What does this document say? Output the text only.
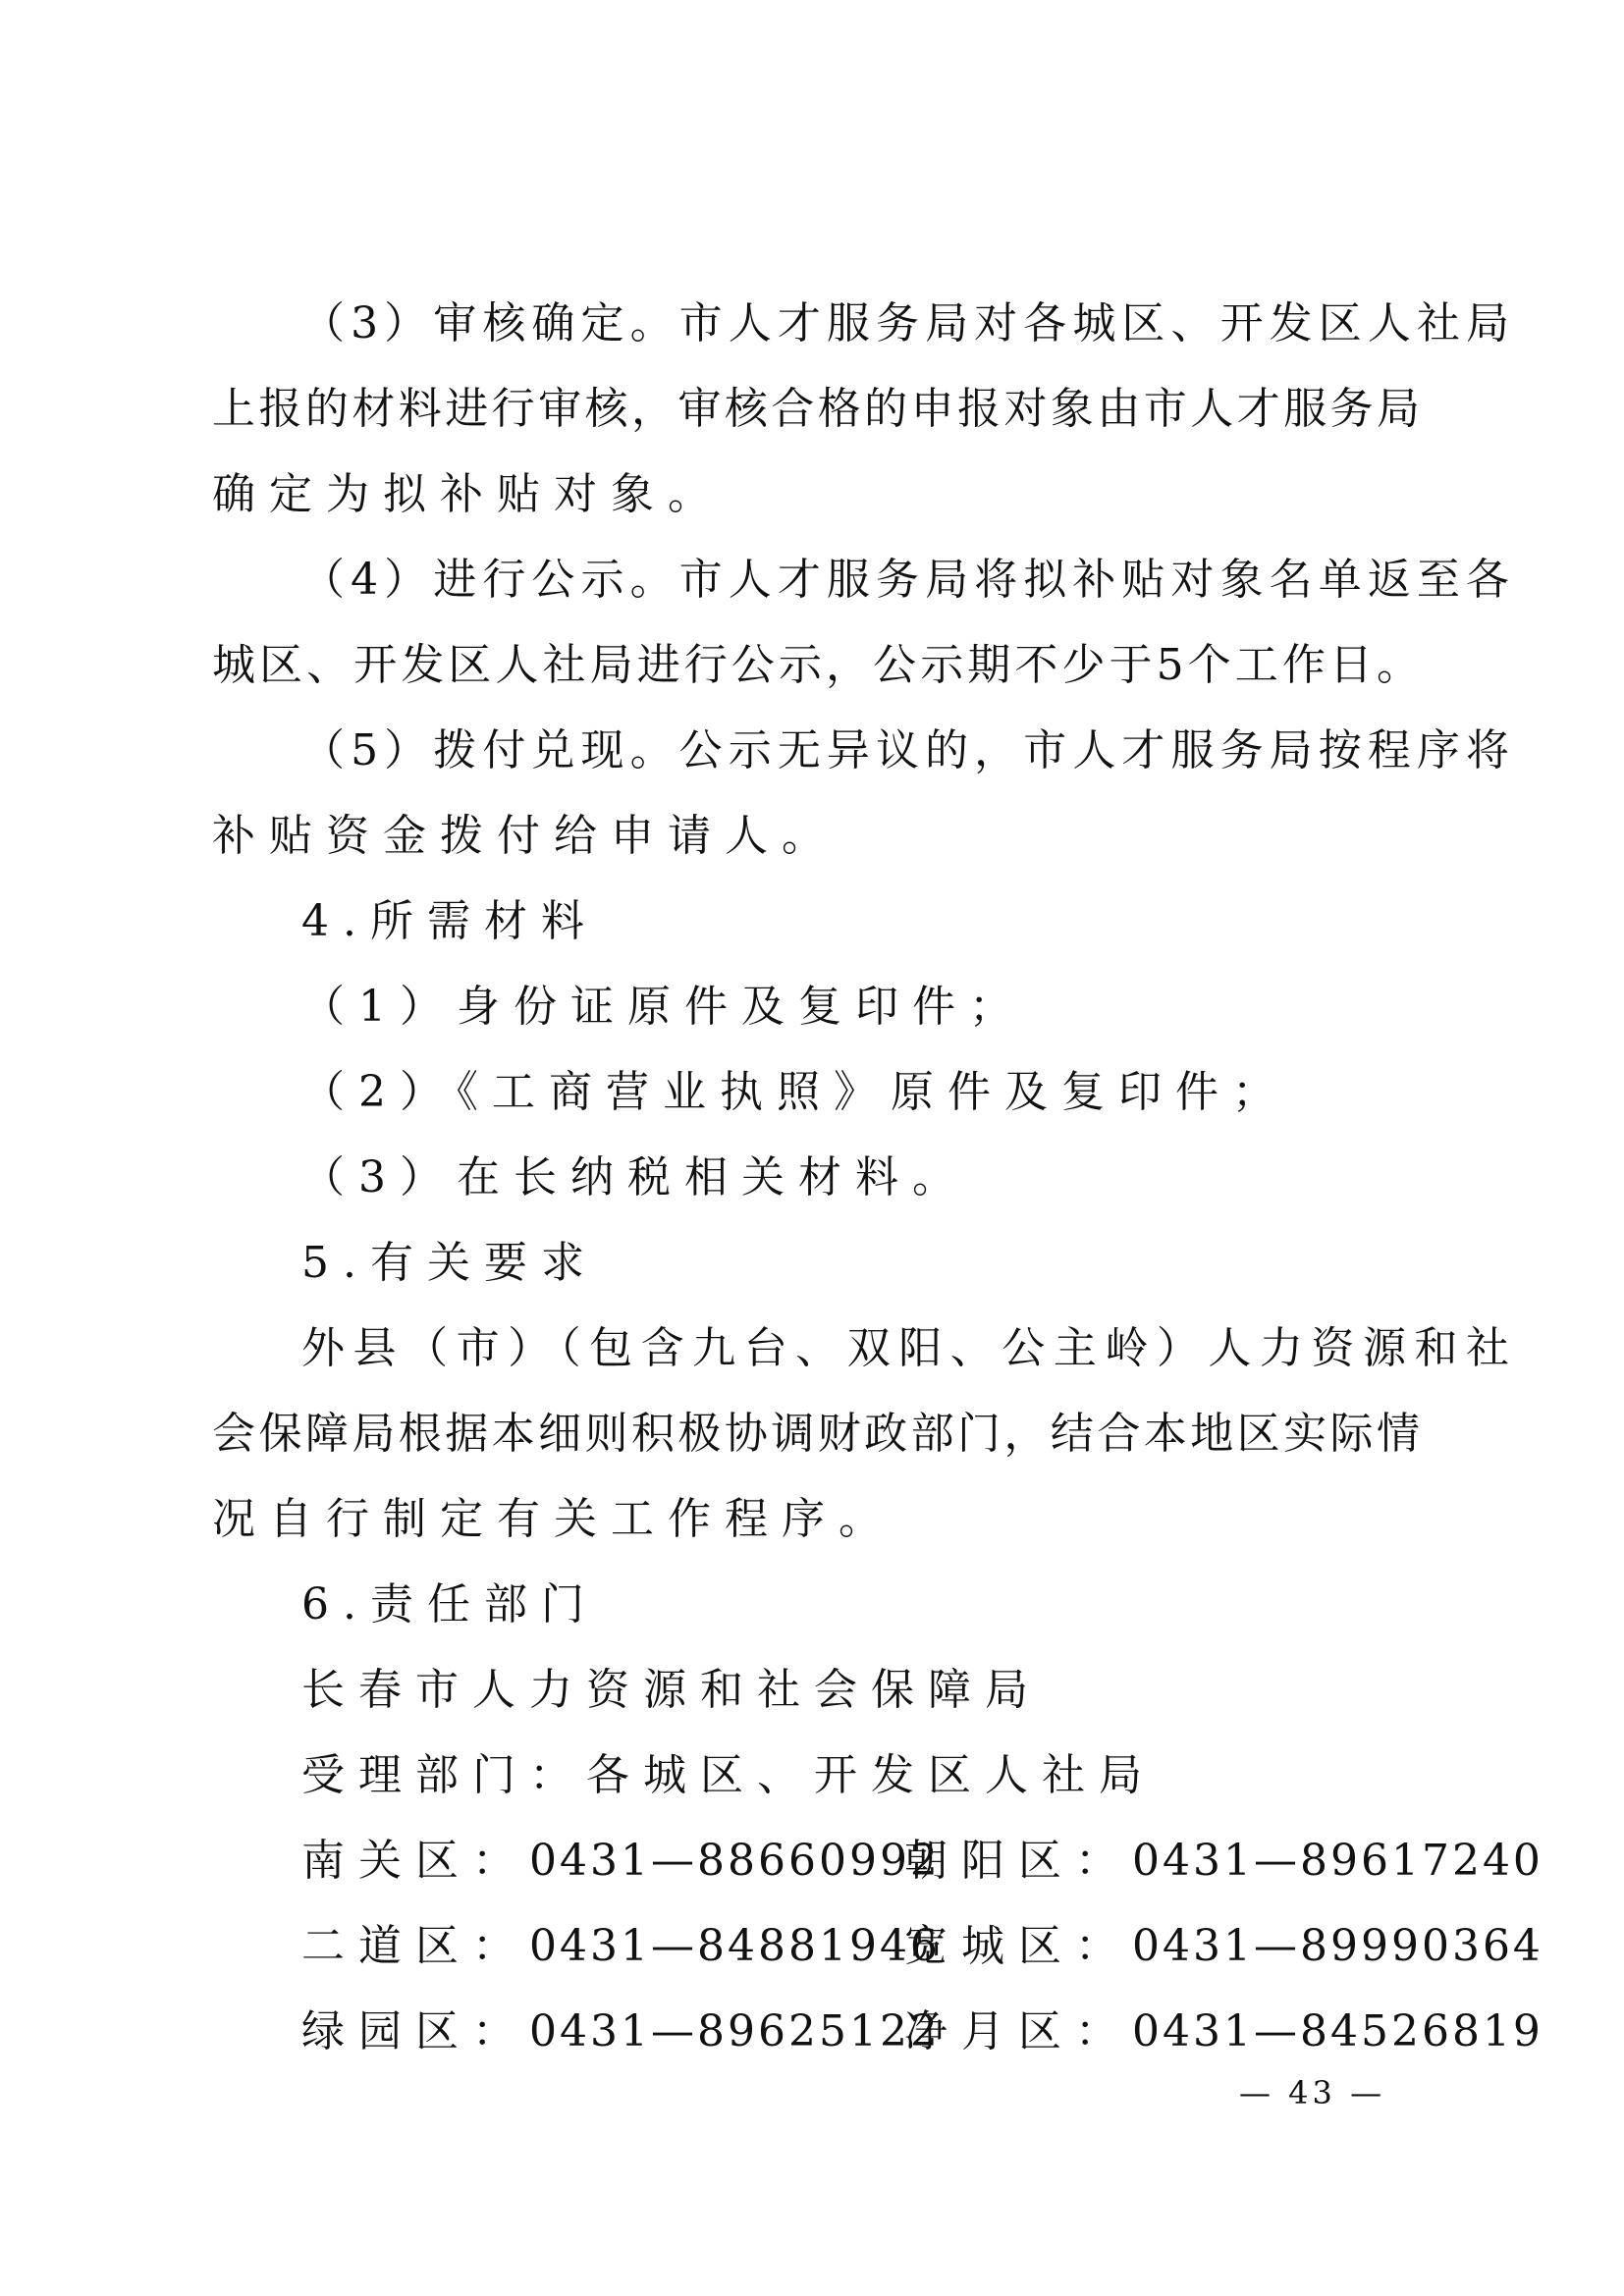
（3）审核确定。市人才服务局对各城区、开发区人社局
上报的材料进行审核，审核合格的申报对象由市人才服务局
确定为拟补贴对象。
（4）进行公示。市人才服务局将拟补贴对象名单返至各
城区、开发区人社局进行公示，公示期不少于5个工作日。
（5）拨付兑现。公示无异议的，市人才服务局按程序将
补贴资金拨付给申请人。
4.所需材料
（1）身份证原件及复印件；
（2）《工商营业执照》原件及复印件；
（3）在长纳税相关材料。
5.有关要求
外县（市）（包含九台、双阳、公主岭）人力资源和社
会保障局根据本细则积极协调财政部门，结合本地区实际情
况自行制定有关工作程序。
6.责任部门
长春市人力资源和社会保障局
受理部门：各城区、开发区人社局
南关区：0431—88660992
朝阳区：0431—89617240
二道区：0431—84881946
宽城区：0431—89990364
绿园区：0431—89625122
净月区：0431—84526819
— 43 —
